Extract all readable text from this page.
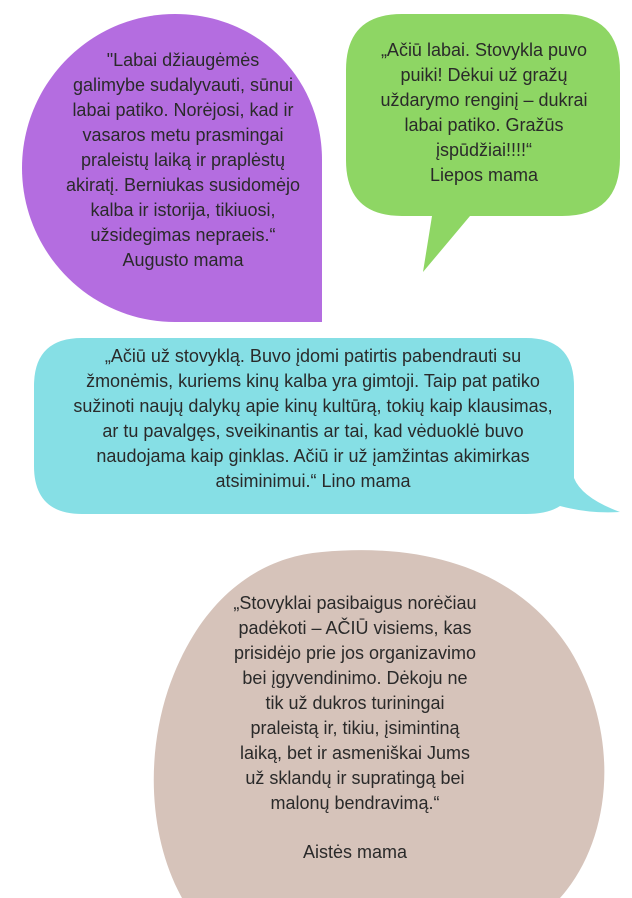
"Labai džiaugėmės
galimybe sudalyvauti, sūnui
labai patiko. Norėjosi, kad ir
vasaros metu prasmingai
praleistų laiką ir praplėstų
akiratį. Berniukas susidomėjo
kalba ir istorija, tikiuosi,
užsidegimas nepraeis.“

Augusto mama

„Ačiū labai. Stovykla puvo
puiki! Dėkui už gražų
uždarymo renginį – dukrai
labai patiko. Gražūs
įspūdžiai!!!!“

Liepos mama

„Ačiū už stovyklą. Buvo įdomi patirtis pabendrauti su
žmonėmis, kuriems kinų kalba yra gimtoji. Taip pat patiko
sužinoti naujų dalykų apie kinų kultūrą, tokių kaip klausimas,
ar tu pavalgęs, sveikinantis ar tai, kad vėduoklė buvo
naudojama kaip ginklas. Ačiū ir už įamžintas akimirkas
atsiminimui.“ Lino mama

„Stovyklai pasibaigus norėčiau
padėkoti – AČIŪ visiems, kas
prisidėjo prie jos organizavimo
bei įgyvendinimo. Dėkoju ne
tik už dukros turiningai
praleistą ir, tikiu, įsimintiną
laiką, bet ir asmeniškai Jums
už sklandų ir supratingą bei
malonų bendravimą.“

Aistės mama
